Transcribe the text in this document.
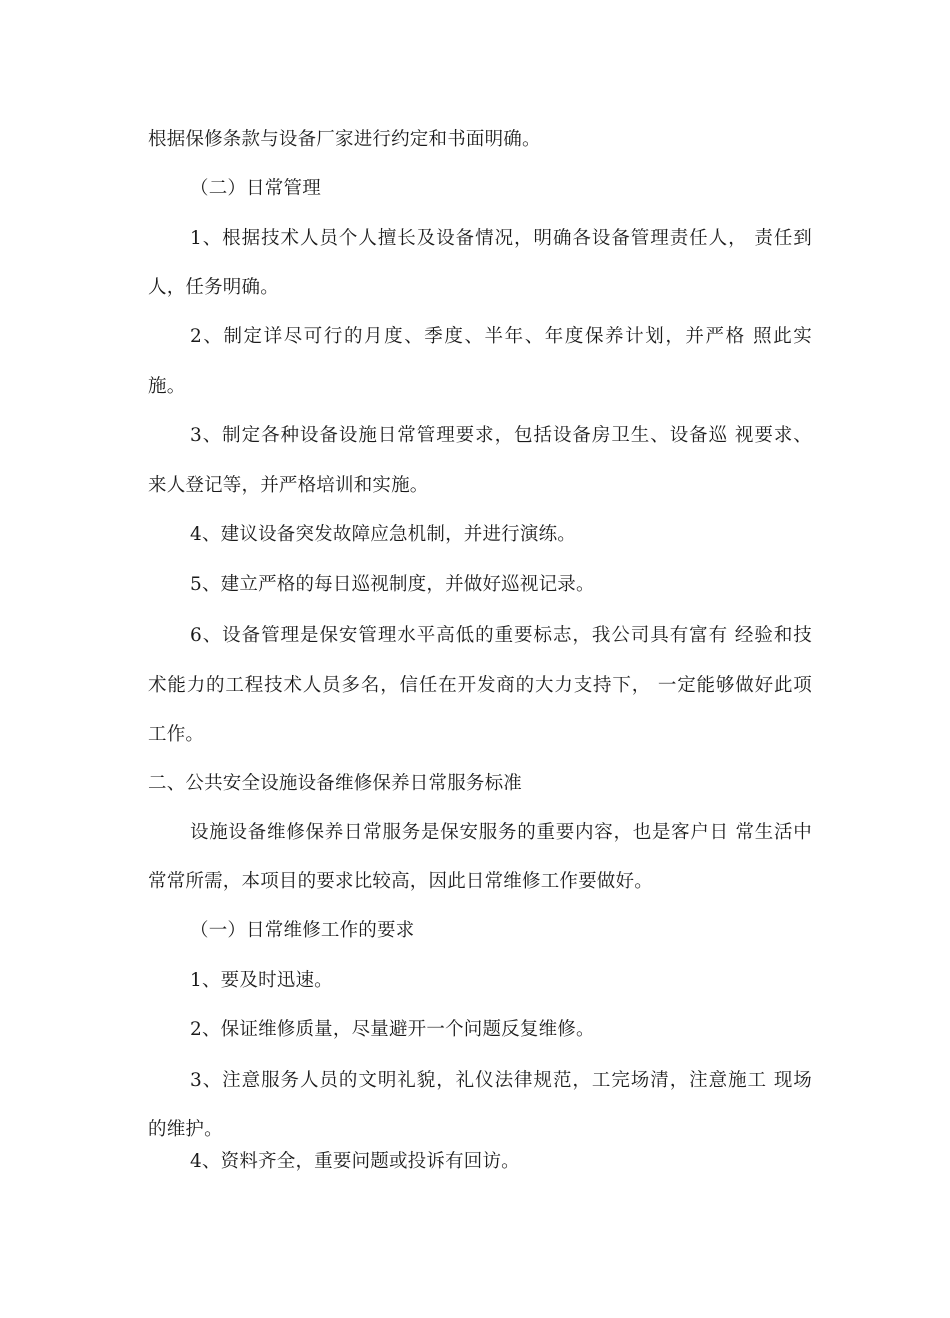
根据保修条款与设备厂家进行约定和书面明确。
（二）日常管理
1、根据技术人员个人擅长及设备情况，明确各设备管理责任人， 责任到
人，任务明确。
2、制定详尽可行的月度、季度、半年、年度保养计划，并严格 照此实
施。
3、制定各种设备设施日常管理要求，包括设备房卫生、设备巡 视要求、
来人登记等，并严格培训和实施。
4、建议设备突发故障应急机制，并进行演练。
5、建立严格的每日巡视制度，并做好巡视记录。
6、设备管理是保安管理水平高低的重要标志，我公司具有富有 经验和技
术能力的工程技术人员多名，信任在开发商的大力支持下， 一定能够做好此项
工作。
二、公共安全设施设备维修保养日常服务标准
设施设备维修保养日常服务是保安服务的重要内容，也是客户日 常生活中
常常所需，本项目的要求比较高，因此日常维修工作要做好。
（一）日常维修工作的要求
1、要及时迅速。
2、保证维修质量，尽量避开一个问题反复维修。
3、注意服务人员的文明礼貌，礼仪法律规范，工完场清，注意施工 现场
的维护。
4、资料齐全，重要问题或投诉有回访。
